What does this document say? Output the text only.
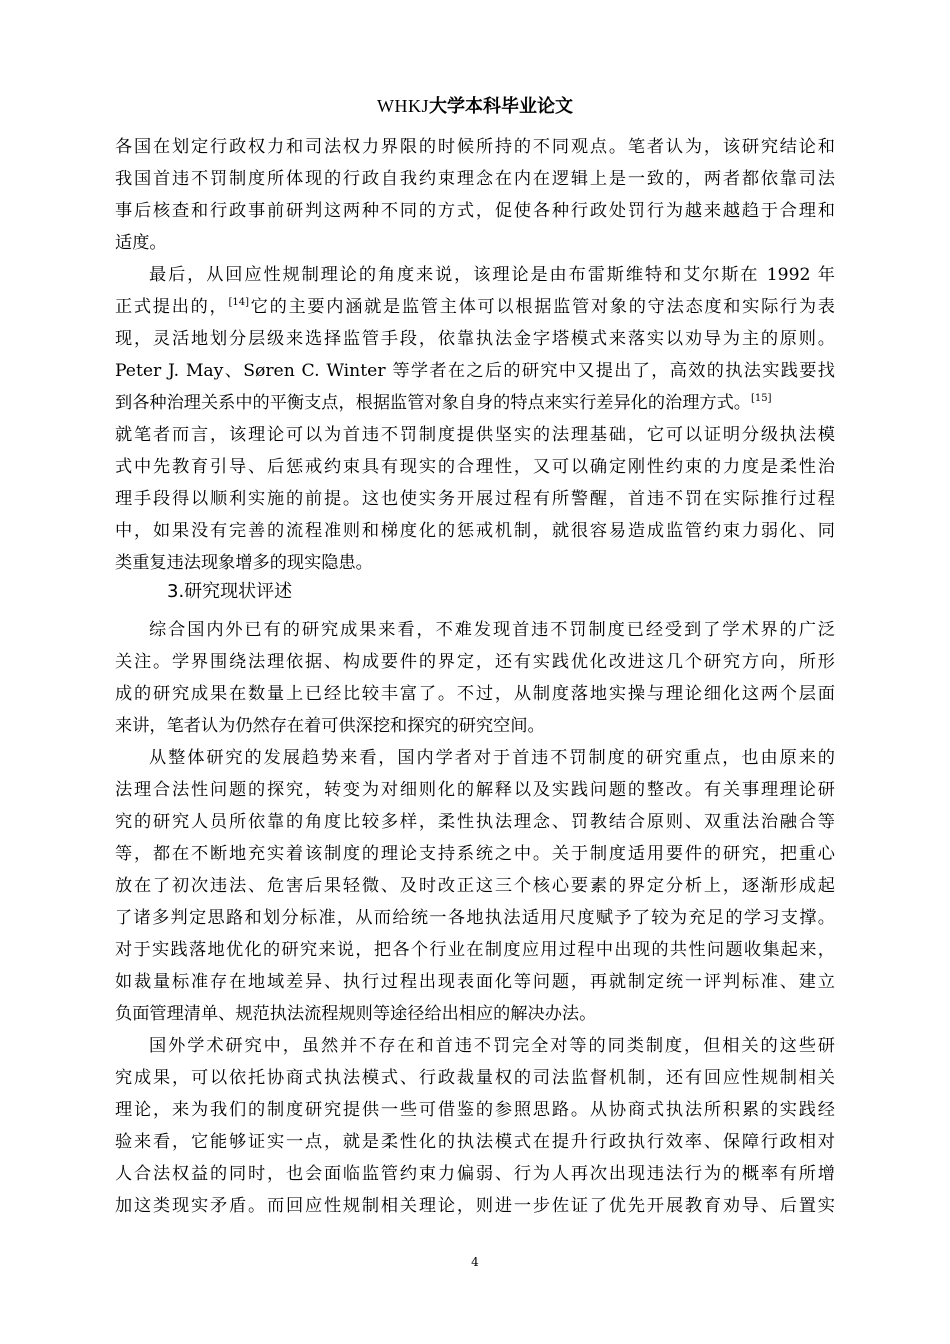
WHKJ大学本科毕业论文
各国在划定行政权力和司法权力界限的时候所持的不同观点。笔者认为，该研究结论和
我国首违不罚制度所体现的行政自我约束理念在内在逻辑上是一致的，两者都依靠司法
事后核查和行政事前研判这两种不同的方式，促使各种行政处罚行为越来越趋于合理和
适度。
最后，从回应性规制理论的角度来说，该理论是由布雷斯维特和艾尔斯在 1992 年
正式提出的，[14]它的主要内涵就是监管主体可以根据监管对象的守法态度和实际行为表
现，灵活地划分层级来选择监管手段，依靠执法金字塔模式来落实以劝导为主的原则。
Peter J. May、Søren C. Winter 等学者在之后的研究中又提出了，高效的执法实践要找
到各种治理关系中的平衡支点，根据监管对象自身的特点来实行差异化的治理方式。[15]
就笔者而言，该理论可以为首违不罚制度提供坚实的法理基础，它可以证明分级执法模
式中先教育引导、后惩戒约束具有现实的合理性，又可以确定刚性约束的力度是柔性治
理手段得以顺利实施的前提。这也使实务开展过程有所警醒，首违不罚在实际推行过程
中，如果没有完善的流程准则和梯度化的惩戒机制，就很容易造成监管约束力弱化、同
类重复违法现象增多的现实隐患。
3.研究现状评述
综合国内外已有的研究成果来看，不难发现首违不罚制度已经受到了学术界的广泛
关注。学界围绕法理依据、构成要件的界定，还有实践优化改进这几个研究方向，所形
成的研究成果在数量上已经比较丰富了。不过，从制度落地实操与理论细化这两个层面
来讲，笔者认为仍然存在着可供深挖和探究的研究空间。
从整体研究的发展趋势来看，国内学者对于首违不罚制度的研究重点，也由原来的
法理合法性问题的探究，转变为对细则化的解释以及实践问题的整改。有关事理理论研
究的研究人员所依靠的角度比较多样，柔性执法理念、罚教结合原则、双重法治融合等
等，都在不断地充实着该制度的理论支持系统之中。关于制度适用要件的研究，把重心
放在了初次违法、危害后果轻微、及时改正这三个核心要素的界定分析上，逐渐形成起
了诸多判定思路和划分标准，从而给统一各地执法适用尺度赋予了较为充足的学习支撑。
对于实践落地优化的研究来说，把各个行业在制度应用过程中出现的共性问题收集起来，
如裁量标准存在地域差异、执行过程出现表面化等问题，再就制定统一评判标准、建立
负面管理清单、规范执法流程规则等途径给出相应的解决办法。
国外学术研究中，虽然并不存在和首违不罚完全对等的同类制度，但相关的这些研
究成果，可以依托协商式执法模式、行政裁量权的司法监督机制，还有回应性规制相关
理论，来为我们的制度研究提供一些可借鉴的参照思路。从协商式执法所积累的实践经
验来看，它能够证实一点，就是柔性化的执法模式在提升行政执行效率、保障行政相对
人合法权益的同时，也会面临监管约束力偏弱、行为人再次出现违法行为的概率有所增
加这类现实矛盾。而回应性规制相关理论，则进一步佐证了优先开展教育劝导、后置实
4
